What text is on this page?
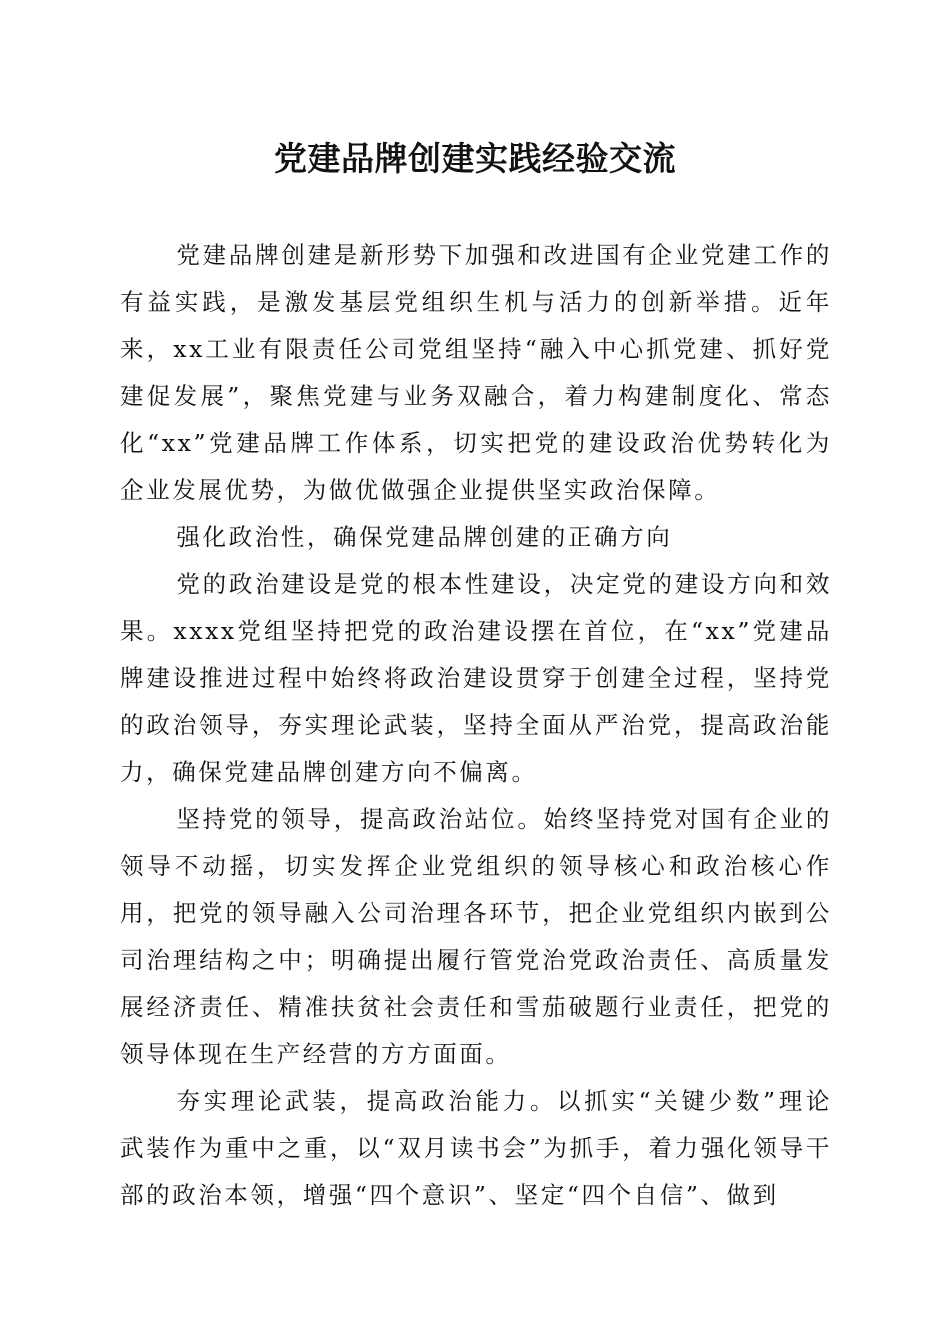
党建品牌创建实践经验交流

党建品牌创建是新形势下加强和改进国有企业党建工作的有益实践，是激发基层党组织生机与活力的创新举措。近年来，xx工业有限责任公司党组坚持“融入中心抓党建、抓好党建促发展”，聚焦党建与业务双融合，着力构建制度化、常态化“xx”党建品牌工作体系，切实把党的建设政治优势转化为企业发展优势，为做优做强企业提供坚实政治保障。

强化政治性，确保党建品牌创建的正确方向

党的政治建设是党的根本性建设，决定党的建设方向和效果。xxxx党组坚持把党的政治建设摆在首位，在“xx”党建品牌建设推进过程中始终将政治建设贯穿于创建全过程，坚持党的政治领导，夯实理论武装，坚持全面从严治党，提高政治能力，确保党建品牌创建方向不偏离。

坚持党的领导，提高政治站位。始终坚持党对国有企业的领导不动摇，切实发挥企业党组织的领导核心和政治核心作用，把党的领导融入公司治理各环节，把企业党组织内嵌到公司治理结构之中；明确提出履行管党治党政治责任、高质量发展经济责任、精准扶贫社会责任和雪茄破题行业责任，把党的领导体现在生产经营的方方面面。

夯实理论武装，提高政治能力。以抓实“关键少数”理论武装作为重中之重，以“双月读书会”为抓手，着力强化领导干部的政治本领，增强“四个意识”、坚定“四个自信”、做到
